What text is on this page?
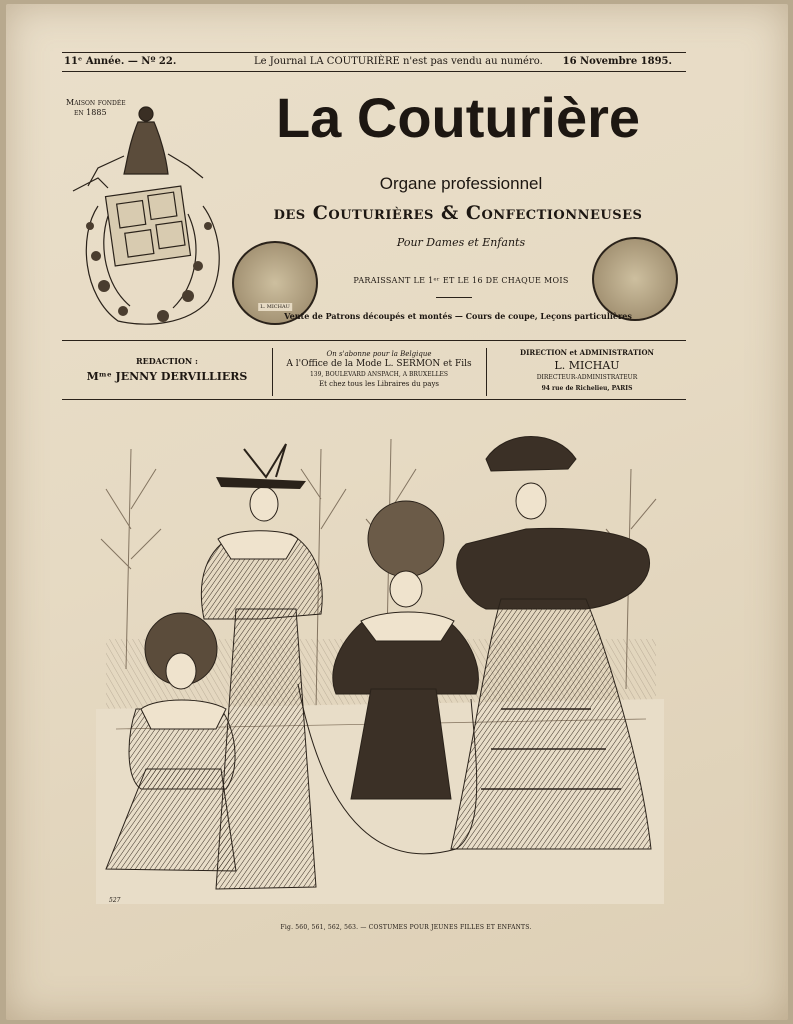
11ᵉ Année. — Nº 22.	Le Journal LA COUTURIÈRE n'est pas vendu au numéro. 16 Novembre 1895.
Maison fondée
en 1885	La Couturière
Organe professionnel
des Couturières & Confectionneuses
Pour Dames et Enfants
L. MICHAU
PARAISSANT LE 1ᵉʳ ET LE 16 DE CHAQUE MOIS
Vente de Patrons découpés et montés — Cours de coupe, Leçons particulières
REDACTION :
Mᵐᵉ JENNY DERVILLIERS
On s'abonne pour la Belgique
A l'Office de la Mode L. SERMON et Fils
139, BOULEVARD ANSPACH, A BRUXELLES
Et chez tous les Libraires du pays
DIRECTION et ADMINISTRATION
L. MICHAU
DIRECTEUR-ADMINISTRATEUR
94 rue de Richelieu, PARIS
527
Fig. 560, 561, 562, 563. — COSTUMES POUR JEUNES FILLES ET ENFANTS.
